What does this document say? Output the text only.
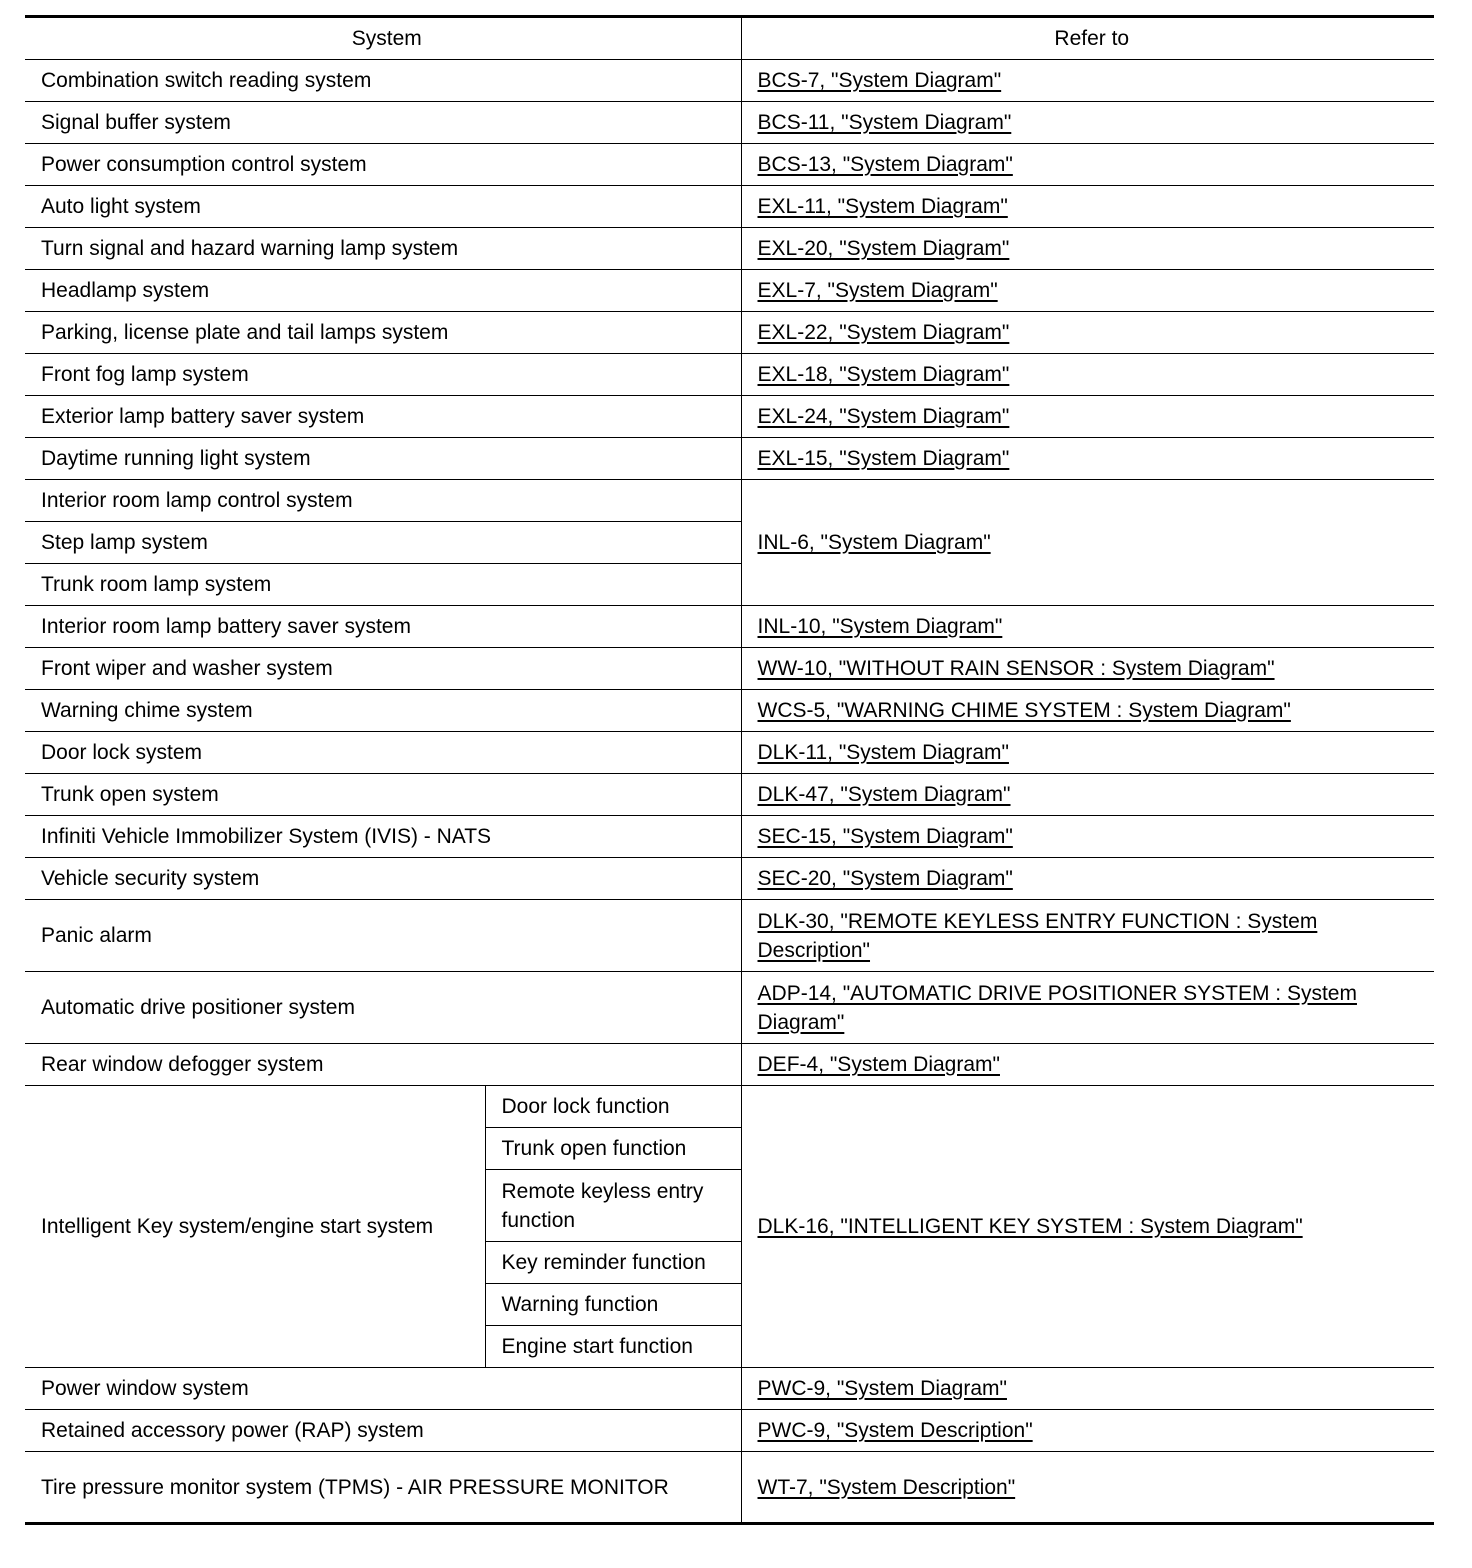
System		Refer to
Combination switch reading system		BCS-7, "System Diagram"
Signal buffer system		BCS-11, "System Diagram"
Power consumption control system		BCS-13, "System Diagram"
Auto light system		EXL-11, "System Diagram"
Turn signal and hazard warning lamp system		EXL-20, "System Diagram"
Headlamp system		EXL-7, "System Diagram"
Parking, license plate and tail lamps system		EXL-22, "System Diagram"
Front fog lamp system		EXL-18, "System Diagram"
Exterior lamp battery saver system		EXL-24, "System Diagram"
Daytime running light system		EXL-15, "System Diagram"
Interior room lamp control system		INL-6, "System Diagram"
Step lamp system		
Trunk room lamp system		
Interior room lamp battery saver system		INL-10, "System Diagram"
Front wiper and washer system		WW-10, "WITHOUT RAIN SENSOR : System Diagram"
Warning chime system		WCS-5, "WARNING CHIME SYSTEM : System Diagram"
Door lock system		DLK-11, "System Diagram"
Trunk open system		DLK-47, "System Diagram"
Infiniti Vehicle Immobilizer System (IVIS) - NATS		SEC-15, "System Diagram"
Vehicle security system		SEC-20, "System Diagram"
Panic alarm		DLK-30, "REMOTE KEYLESS ENTRY FUNCTION : System Description"
Automatic drive positioner system		ADP-14, "AUTOMATIC DRIVE POSITIONER SYSTEM : System Diagram"
Rear window defogger system		DEF-4, "System Diagram"
Intelligent Key system/engine start system	Door lock function	DLK-16, "INTELLIGENT KEY SYSTEM : System Diagram"
	Trunk open function	
	Remote keyless entry function	
	Key reminder function	
	Warning function	
	Engine start function	
Power window system		PWC-9, "System Diagram"
Retained accessory power (RAP) system		PWC-9, "System Description"
Tire pressure monitor system (TPMS) - AIR PRESSURE MONITOR		WT-7, "System Description"
